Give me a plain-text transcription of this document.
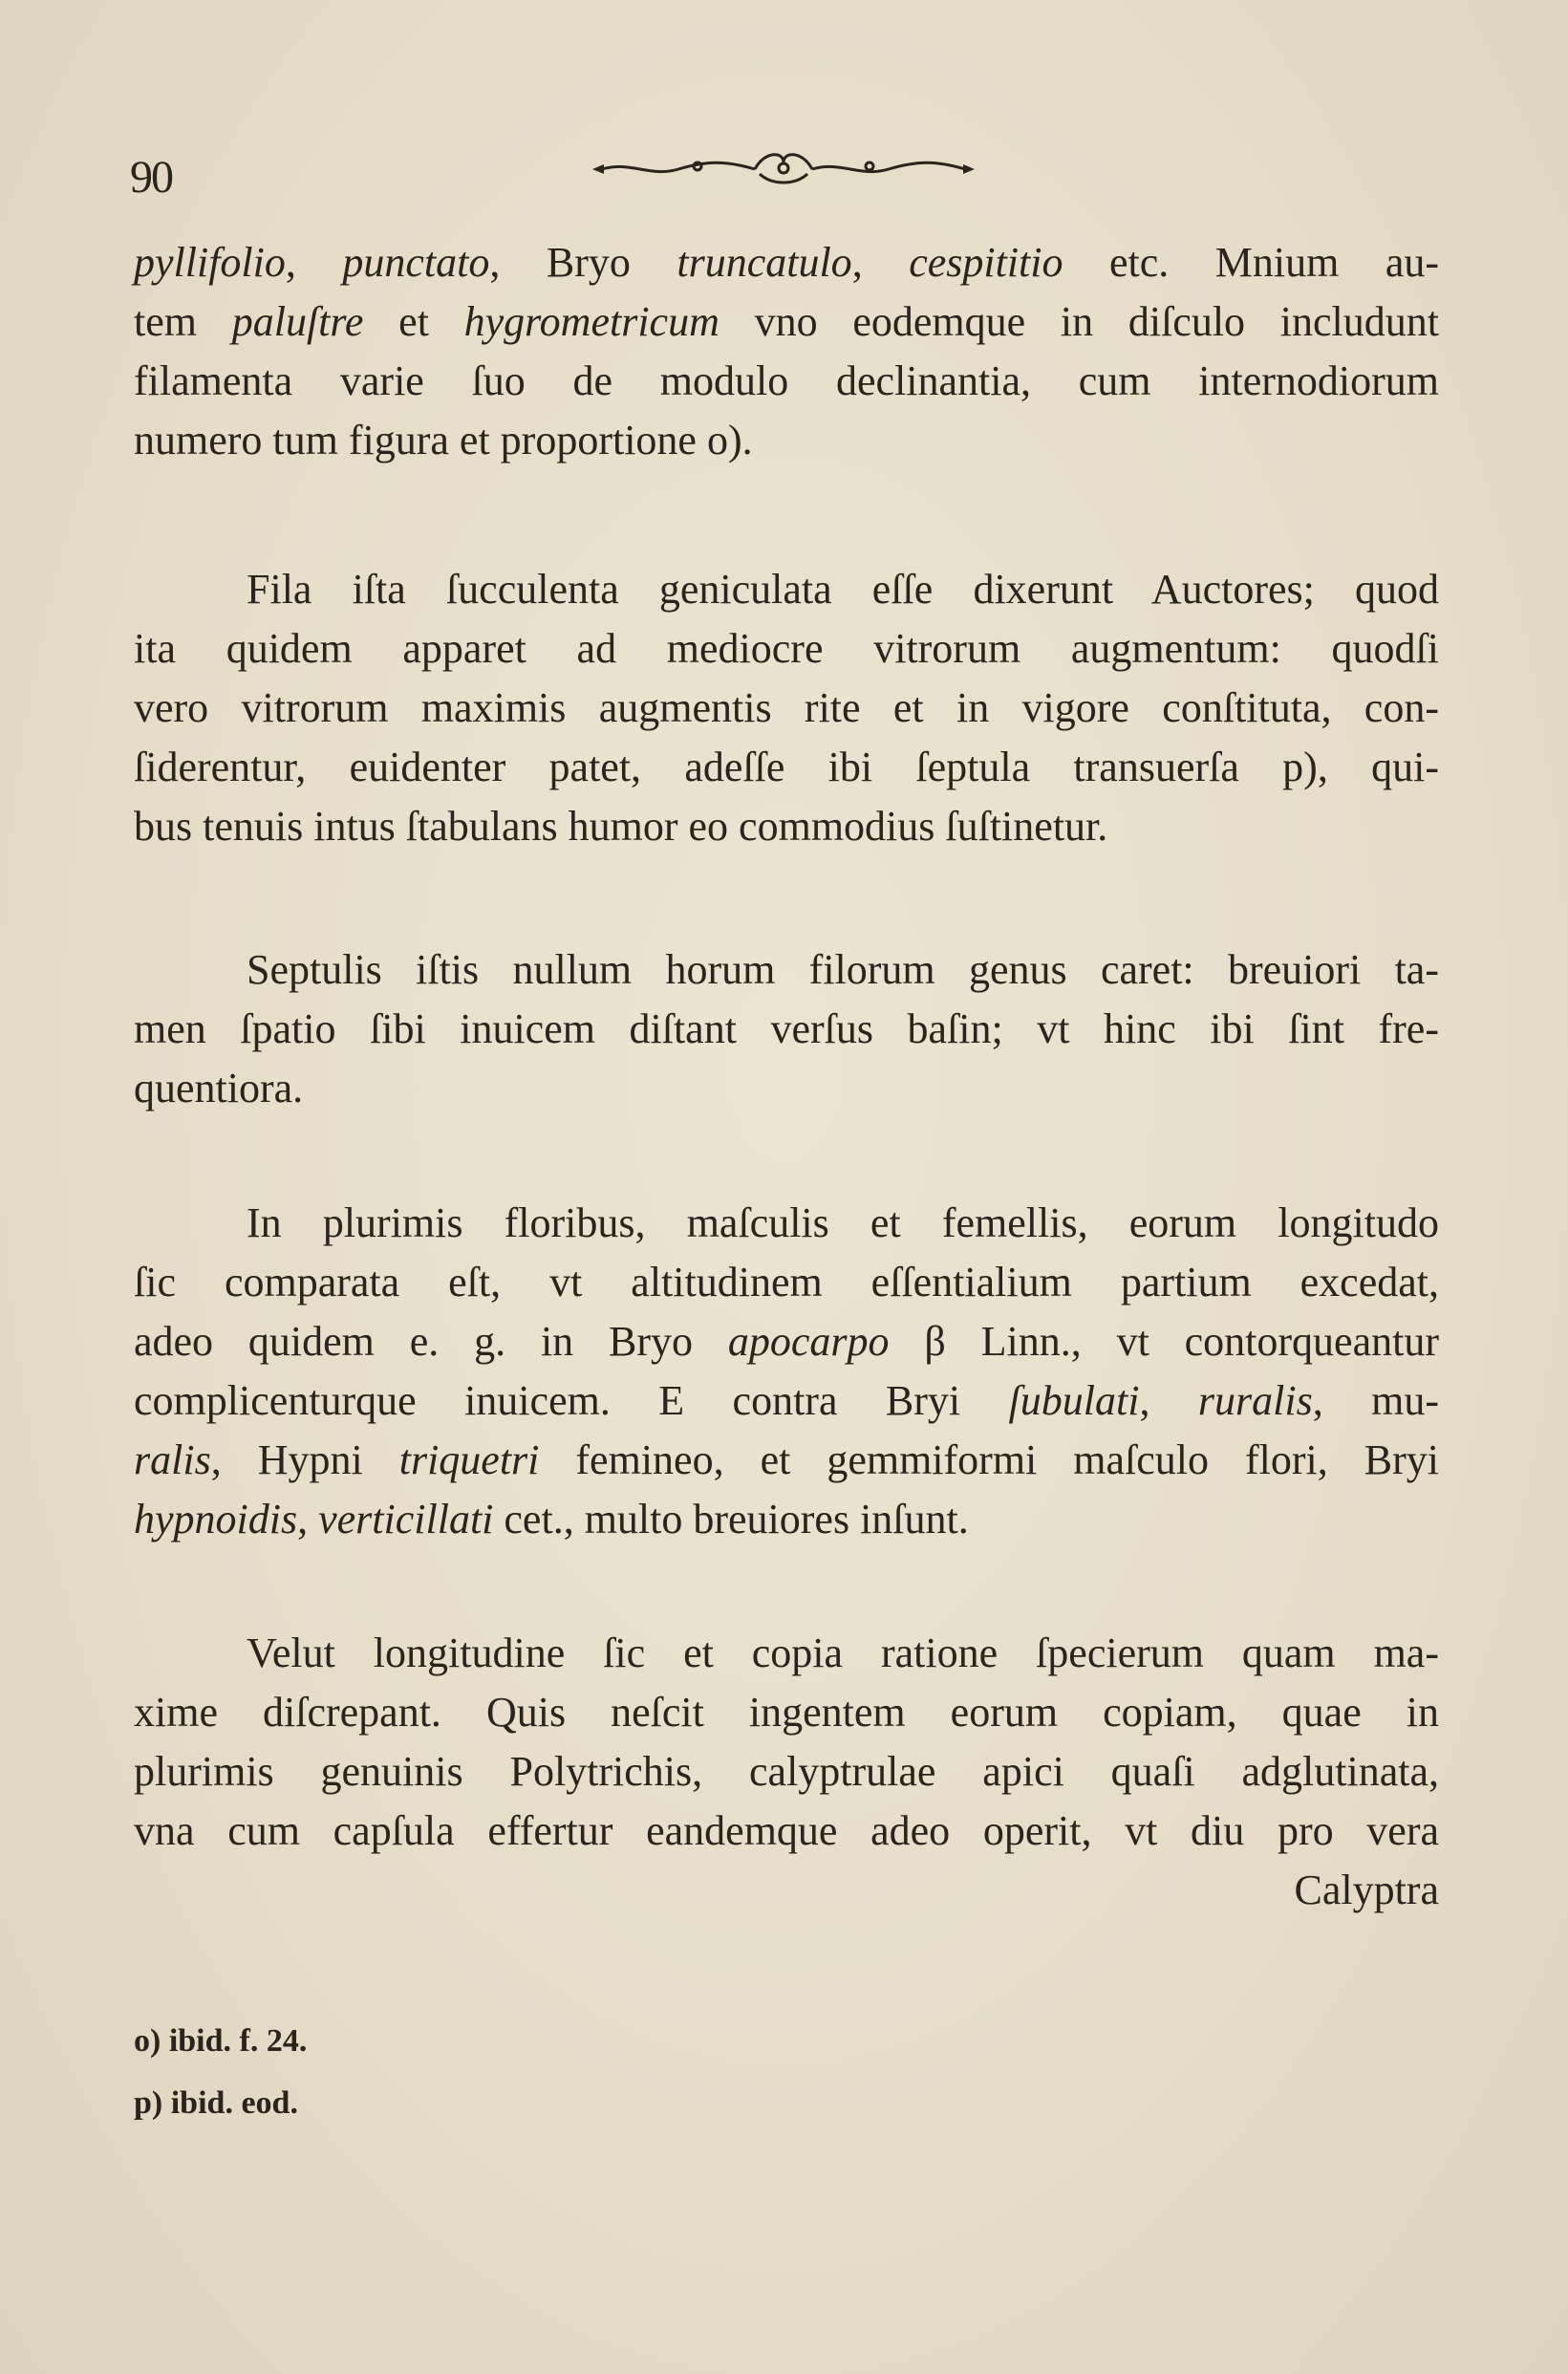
90
pyllifolio, punctato, Bryo truncatulo, cespititio etc. Mnium au-
tem paluſtre et hygrometricum vno eodemque in diſculo includunt
filamenta varie ſuo de modulo declinantia, cum internodiorum
numero tum figura et proportione o).
Fila iſta ſucculenta geniculata eſſe dixerunt Auctores; quod
ita quidem apparet ad mediocre vitrorum augmentum: quodſi
vero vitrorum maximis augmentis rite et in vigore conſtituta, con-
ſiderentur, euidenter patet, adeſſe ibi ſeptula transuerſa p), qui-
bus tenuis intus ſtabulans humor eo commodius ſuſtinetur.
Septulis iſtis nullum horum filorum genus caret: breuiori ta-
men ſpatio ſibi inuicem diſtant verſus baſin; vt hinc ibi ſint fre-
quentiora.
In plurimis floribus, maſculis et femellis, eorum longitudo
ſic comparata eſt, vt altitudinem eſſentialium partium excedat,
adeo quidem e. g. in Bryo apocarpo β Linn., vt contorqueantur
complicenturque inuicem. E contra Bryi ſubulati, ruralis, mu-
ralis, Hypni triquetri femineo, et gemmiformi maſculo flori, Bryi
hypnoidis, verticillati cet., multo breuiores inſunt.
Velut longitudine ſic et copia ratione ſpecierum quam ma-
xime diſcrepant. Quis neſcit ingentem eorum copiam, quae in
plurimis genuinis Polytrichis, calyptrulae apici quaſi adglutinata,
vna cum capſula effertur eandemque adeo operit, vt diu pro vera
Calyptra
o) ibid. f. 24.
p) ibid. eod.
